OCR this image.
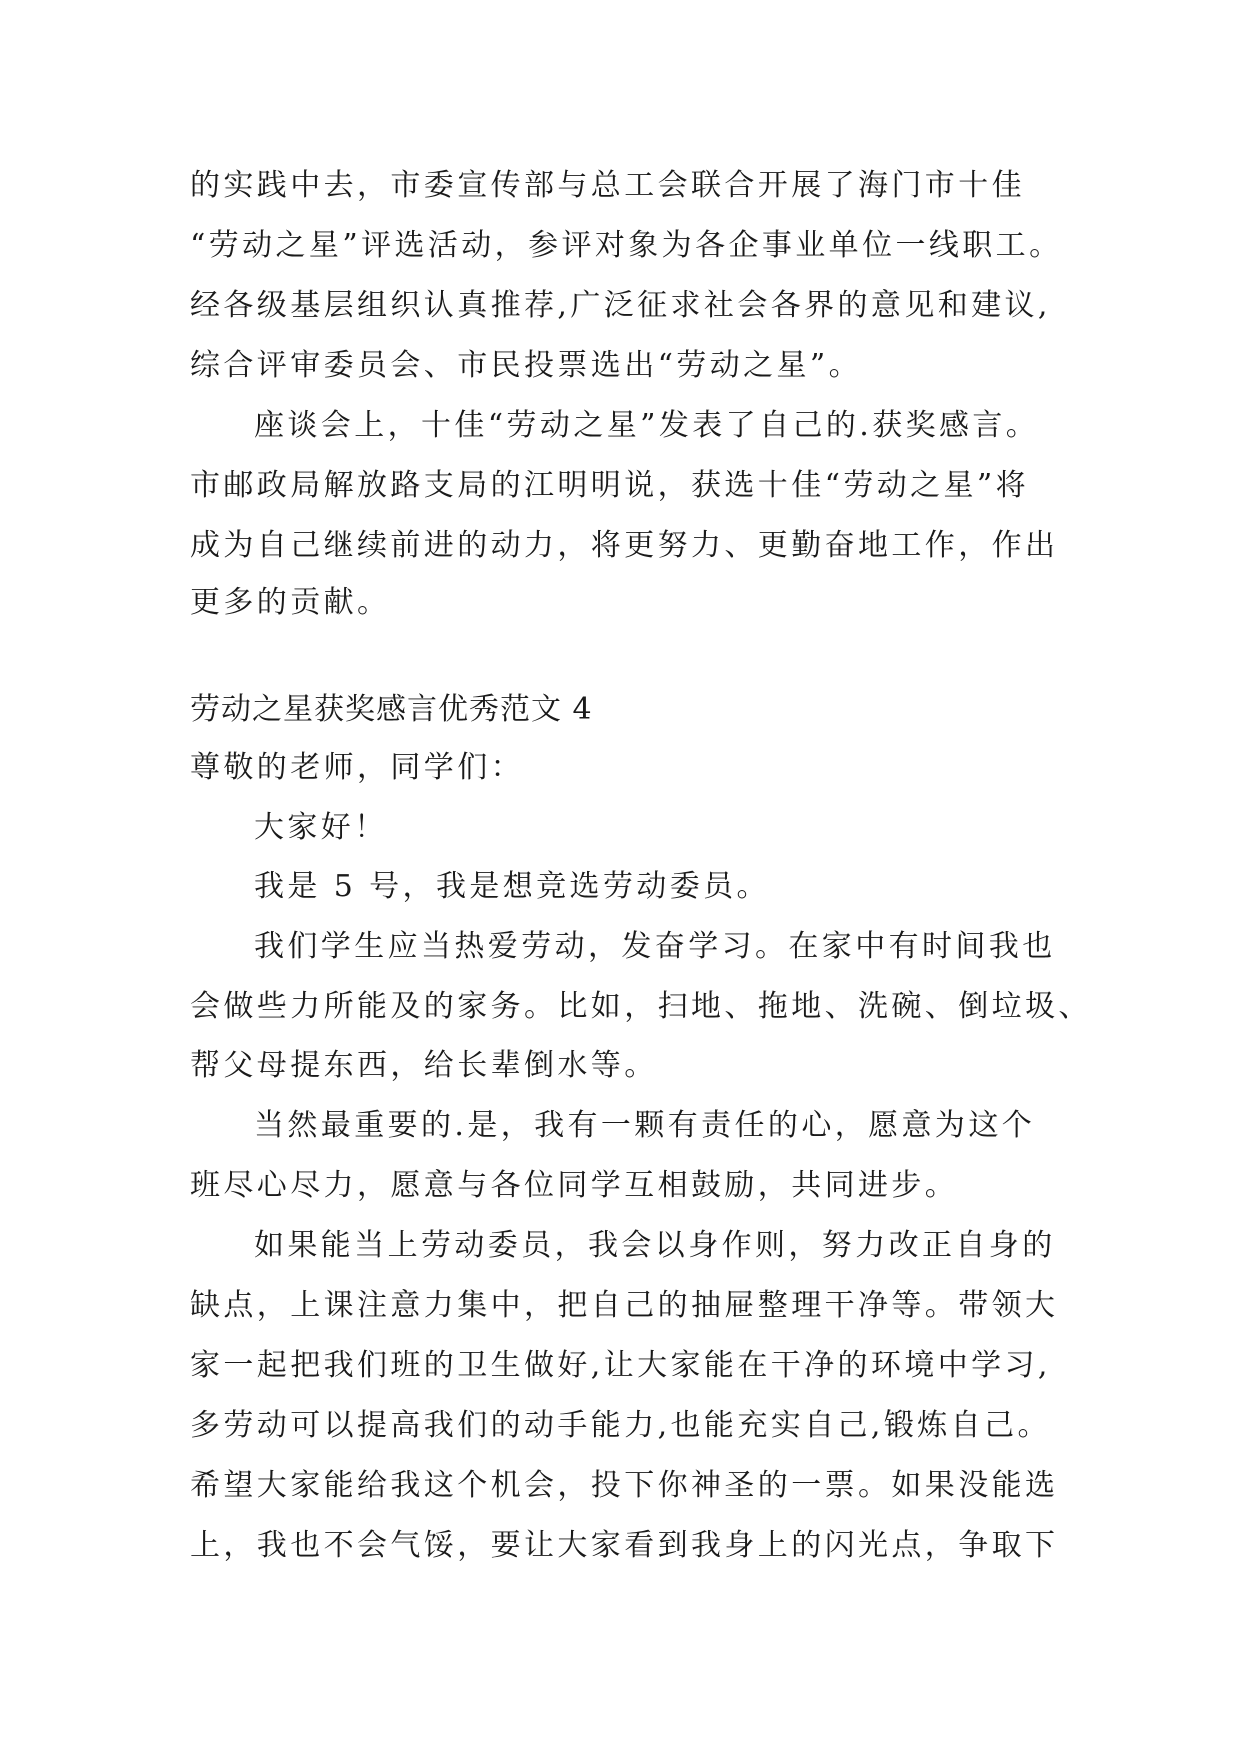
的实践中去，市委宣传部与总工会联合开展了海门市十佳
“劳动之星”评选活动，参评对象为各企事业单位一线职工。
经各级基层组织认真推荐,广泛征求社会各界的意见和建议,
综合评审委员会、市民投票选出“劳动之星”。
座谈会上，十佳“劳动之星”发表了自己的.获奖感言。
市邮政局解放路支局的江明明说，获选十佳“劳动之星”将
成为自己继续前进的动力，将更努力、更勤奋地工作，作出
更多的贡献。
劳动之星获奖感言优秀范文 4
尊敬的老师，同学们：
大家好！
我是 5 号，我是想竞选劳动委员。
我们学生应当热爱劳动，发奋学习。在家中有时间我也
会做些力所能及的家务。比如，扫地、拖地、洗碗、倒垃圾、
帮父母提东西，给长辈倒水等。
当然最重要的.是，我有一颗有责任的心，愿意为这个
班尽心尽力，愿意与各位同学互相鼓励，共同进步。
如果能当上劳动委员，我会以身作则，努力改正自身的
缺点，上课注意力集中，把自己的抽屉整理干净等。带领大
家一起把我们班的卫生做好,让大家能在干净的环境中学习,
多劳动可以提高我们的动手能力,也能充实自己,锻炼自己。
希望大家能给我这个机会，投下你神圣的一票。如果没能选
上，我也不会气馁，要让大家看到我身上的闪光点，争取下
